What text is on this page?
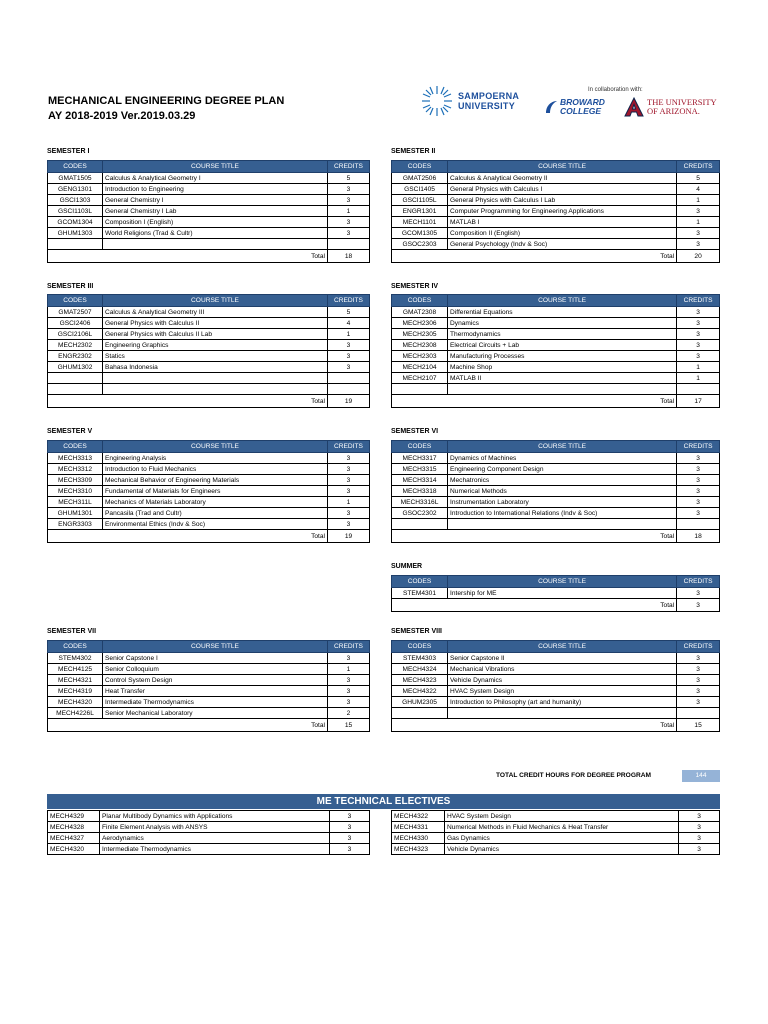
MECHANICAL ENGINEERING DEGREE PLAN
AY 2018-2019 Ver.2019.03.29
In collaboration with:
SAMPOERNA
UNIVERSITY	BROWARD
COLLEGE
THE UNIVERSITY
OF ARIZONA.
SEMESTER I
CODES	COURSE TITLE	CREDITS
GMAT1505	Calculus & Analytical Geometry I	5
GENG1301	Introduction to Engineering	3
GSCI1303	General Chemistry I	3
GSCI1103L	General Chemistry I Lab	1
GCOM1304	Composition I (English)	3
GHUM1303	World Religions (Trad & Cultr)	3

	Total	18
SEMESTER II
CODES	COURSE TITLE	CREDITS
GMAT2506	Calculus & Analytical Geometry II	5
GSCI1405	General Physics with Calculus I	4
GSCI1105L	General Physics with Calculus I Lab	1
ENGR1301	Computer Programming for Engineering Applications	3
MECH1101	MATLAB I	1
GCOM1305	Composition II (English)	3
GSOC2303	General Psychology (Indv & Soc)	3
	Total	20
SEMESTER III
CODES	COURSE TITLE	CREDITS
GMAT2507	Calculus & Analytical Geometry III	5
GSCI2406	General Physics with Calculus II	4
GSCI2106L	General Physics with Calculus II Lab	1
MECH2302	Engineering Graphics	3
ENGR2302	Statics	3
GHUM1302	Bahasa Indonesia	3

	Total	19
SEMESTER IV
CODES	COURSE TITLE	CREDITS
GMAT2308	Differential Equations	3
MECH2306	Dynamics	3
MECH2305	Thermodynamics	3
MECH2308	Electrical Circuits + Lab	3
MECH2303	Manufacturing Processes	3
MECH2104	Machine Shop	1
MECH2107	MATLAB II	1

	Total	17
SEMESTER V
CODES	COURSE TITLE	CREDITS
MECH3313	Engineering Analysis	3
MECH3312	Introduction to Fluid Mechanics	3
MECH3309	Mechanical Behavior of Engineering Materials	3
MECH3310	Fundamental of Materials for Engineers	3
MECH311L	Mechanics of Materials Laboratory	1
GHUM1301	Pancasila (Trad and Cultr)	3
ENGR3303	Environmental Ethics (Indv & Soc)	3
	Total	19
SEMESTER VI
CODES	COURSE TITLE	CREDITS
MECH3317	Dynamics of Machines	3
MECH3315	Engineering Component Design	3
MECH3314	Mechatronics	3
MECH3318	Numerical Methods	3
MECH3316L	Instrumentation Laboratory	3
GSOC2302	Introduction to International Relations (Indv & Soc)	3

	Total	18
SUMMER
CODES	COURSE TITLE	CREDITS
STEM4301	Intership for ME	3
	Total	3
SEMESTER VII
CODES	COURSE TITLE	CREDITS
STEM4302	Senior Capstone I	3
MECH4125	Senior Colloquium	1
MECH4321	Control System Design	3
MECH4319	Heat Transfer	3
MECH4320	Intermediate Thermodynamics	3
MECH4226L	Senior Mechanical Laboratory	2
	Total	15
SEMESTER VIII
CODES	COURSE TITLE	CREDITS
STEM4303	Senior Capstone II	3
MECH4324	Mechanical Vibrations	3
MECH4323	Vehicle Dynamics	3
MECH4322	HVAC System Design	3
GHUM2305	Introduction to Philosophy (art and humanity)	3

	Total	15
TOTAL CREDIT HOURS FOR DEGREE PROGRAM	144
ME TECHNICAL ELECTIVES
MECH4329	Planar Multibody Dynamics with Applications	3
MECH4328	Finite Element Analysis with ANSYS	3
MECH4327	Aerodynamics	3
MECH4320	Intermediate Thermodynamics	3
MECH4322	HVAC System Design	3
MECH4331	Numerical Methods in Fluid Mechanics & Heat Transfer	3
MECH4330	Gas Dynamics	3
MECH4323	Vehicle Dynamics	3
